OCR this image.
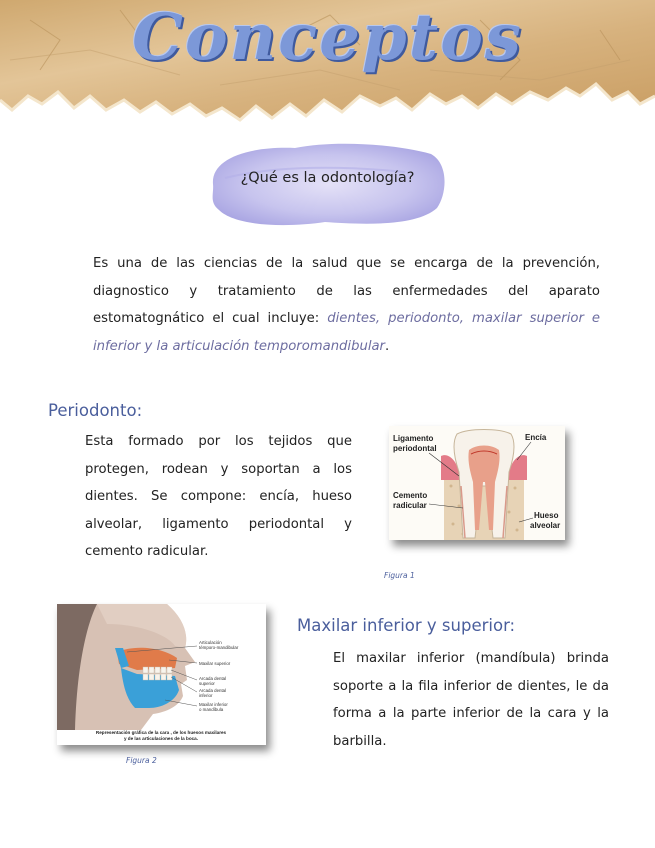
Conceptos
¿Qué es la odontología?
Es una de las ciencias de la salud que se encarga de la prevención, diagnostico y tratamiento de las enfermedades del aparato estomatognático el cual incluye: dientes, periodonto, maxilar superior e inferior y la articulación temporomandibular.
Periodonto:
Esta formado por los tejidos que protegen, rodean y soportan a los dientes. Se compone: encía, hueso alveolar, ligamento periodontal y cemento radicular.
Ligamento
periodontal
Encía
Cemento
radicular
Hueso
alveolar
Figura 1
Articulación
témporo-mandibular
Maxilar superior
Arcada dental
superior
Arcada dental
inferior
Maxilar inferior
o mandíbula
Representación gráfica de la cara , de los huesos maxilares
y de las articulaciones de la boca.
Figura 2
Maxilar inferior y superior:
El maxilar inferior (mandíbula) brinda soporte a la fila inferior de dientes, le da forma a la parte inferior de la cara y la barbilla.
